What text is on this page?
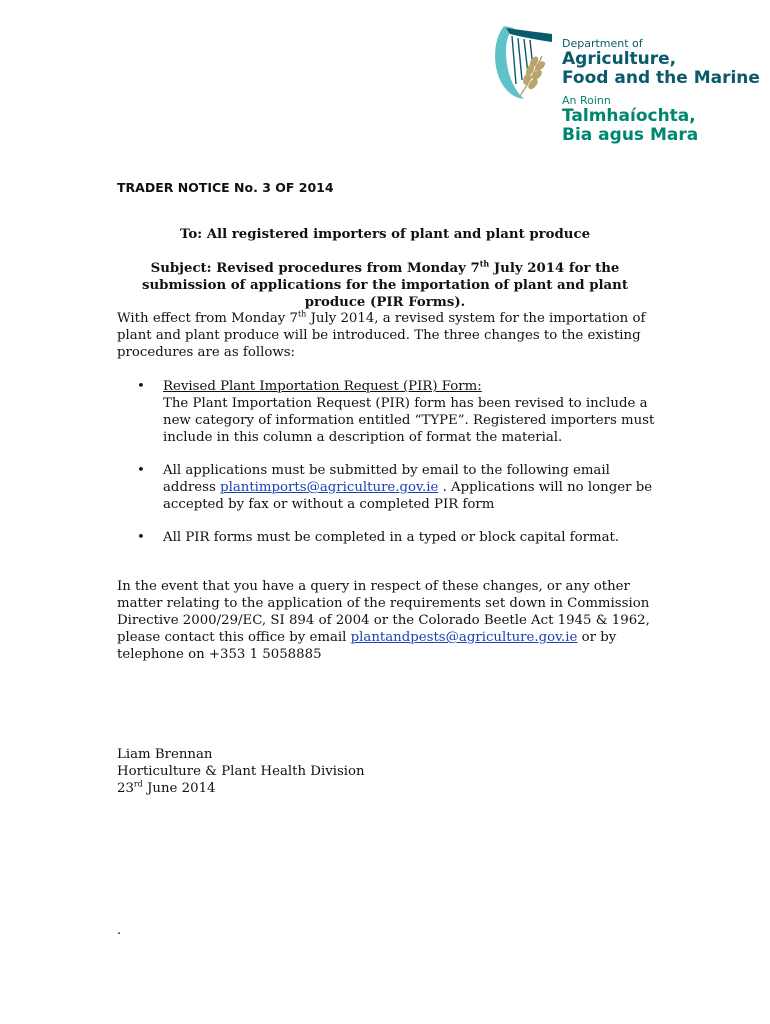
Department of
Agriculture,
Food and the Marine
An Roinn
Talmhaíochta,
Bia agus Mara
TRADER NOTICE No. 3 OF 2014
To: All registered importers of plant and plant produce
Subject: Revised procedures from Monday 7th July 2014 for the submission of applications for the importation of plant and plant produce (PIR Forms).
With effect from Monday 7th July 2014, a revised system for the importation of plant and plant produce will be introduced. The three changes to the existing procedures are as follows:
• Revised Plant Importation Request (PIR) Form:
The Plant Importation Request (PIR) form has been revised to include a new category of information entitled “TYPE”. Registered importers must include in this column a description of format the material.
• All applications must be submitted by email to the following email address plantimports@agriculture.gov.ie . Applications will no longer be accepted by fax or without a completed PIR form
• All PIR forms must be completed in a typed or block capital format.
In the event that you have a query in respect of these changes, or any other matter relating to the application of the requirements set down in Commission Directive 2000/29/EC, SI 894 of 2004 or the Colorado Beetle Act 1945 & 1962, please contact this office by email plantandpests@agriculture.gov.ie or by telephone on +353 1 5058885
Liam Brennan
Horticulture & Plant Health Division
23rd June 2014
.
